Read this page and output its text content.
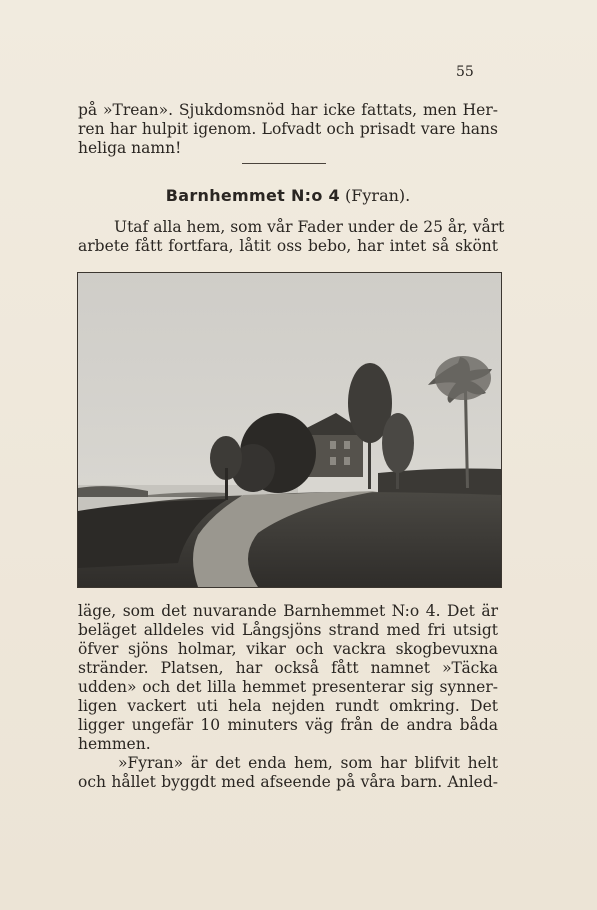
55
på »Trean». Sjukdomsnöd har icke fattats, men Her-
ren har hulpit igenom. Lofvadt och prisadt vare hans
heliga namn!
Barnhemmet N:o 4 (Fyran).
Utaf alla hem, som vår Fader under de 25 år, vårt
arbete fått fortfara, låtit oss bebo, har intet så skönt
läge, som det nuvarande Barnhemmet N:o 4. Det är
beläget alldeles vid Långsjöns strand med fri utsigt
öfver sjöns holmar, vikar och vackra skogbevuxna
stränder. Platsen, har också fått namnet »Täcka
udden» och det lilla hemmet presenterar sig synner-
ligen vackert uti hela nejden rundt omkring. Det
ligger ungefär 10 minuters väg från de andra båda
hemmen.
»Fyran» är det enda hem, som har blifvit helt
och hållet byggdt med afseende på våra barn. Anled-
